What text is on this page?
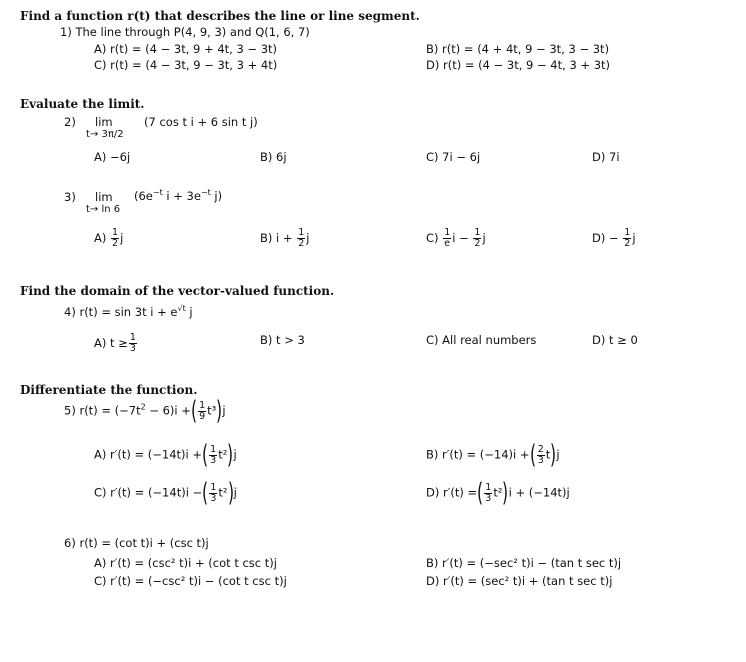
Find a function r(t) that describes the line or line segment.
1) The line through P(4, 9, 3) and Q(1, 6, 7)
A) r(t) = (4 − 3t, 9 + 4t, 3 − 3t)	B) r(t) = (4 + 4t, 9 − 3t, 3 − 3t)
C) r(t) = (4 − 3t, 9 − 3t, 3 + 4t)	D) r(t) = (4 − 3t, 9 − 4t, 3 + 3t)
Evaluate the limit.
2) lim
t→ 3π/2
(7 cos t i + 6 sin t j)
A) −6j	B) 6j	C) 7i − 6j	D) 7i
3) lim
t→ ln 6
($6e^{-t}$ $i + 3e^{-t}$ j)
$A) \frac{1}{2}$ j	B) $i + \frac{1}{2}$ j	$C) \frac{1}{e}$ $i - \frac{1}{2}$ j	$D) - \frac{1}{2}$ j
Find the domain of the vector-valued function.
4) r(t) = sin 3t $i + e^{√t}$ j
A) $t \ge \frac{1}{3}$	B) t > 3	C) All real numbers	D) t ≥ 0
Differentiate the function.
5) $r(t) = (-7t^2 - 6)i$ +( $\frac{1}{9} t^3)j$
A) r′(t) = (−14t)i +( $\frac{1}{3} t^2)j$	B) r′(t) = (−14)i +( $\frac{2}{3} t)j$
C) r′(t) = (−14t)i −( $\frac{1}{3} t^2)j$	D) r′(t) =( $\frac{1}{3} t^2)i + (-14t)j$
6) r(t) = (cot t)i + (csc t)j
A) r′(t) = (csc² t)i + (cot t csc t)j	B) r′(t) = (−sec² t)i − (tan t sec t)j
C) r′(t) = (−csc² t)i − (cot t csc t)j	D) r′(t) = (sec² t)i + (tan t sec t)j
